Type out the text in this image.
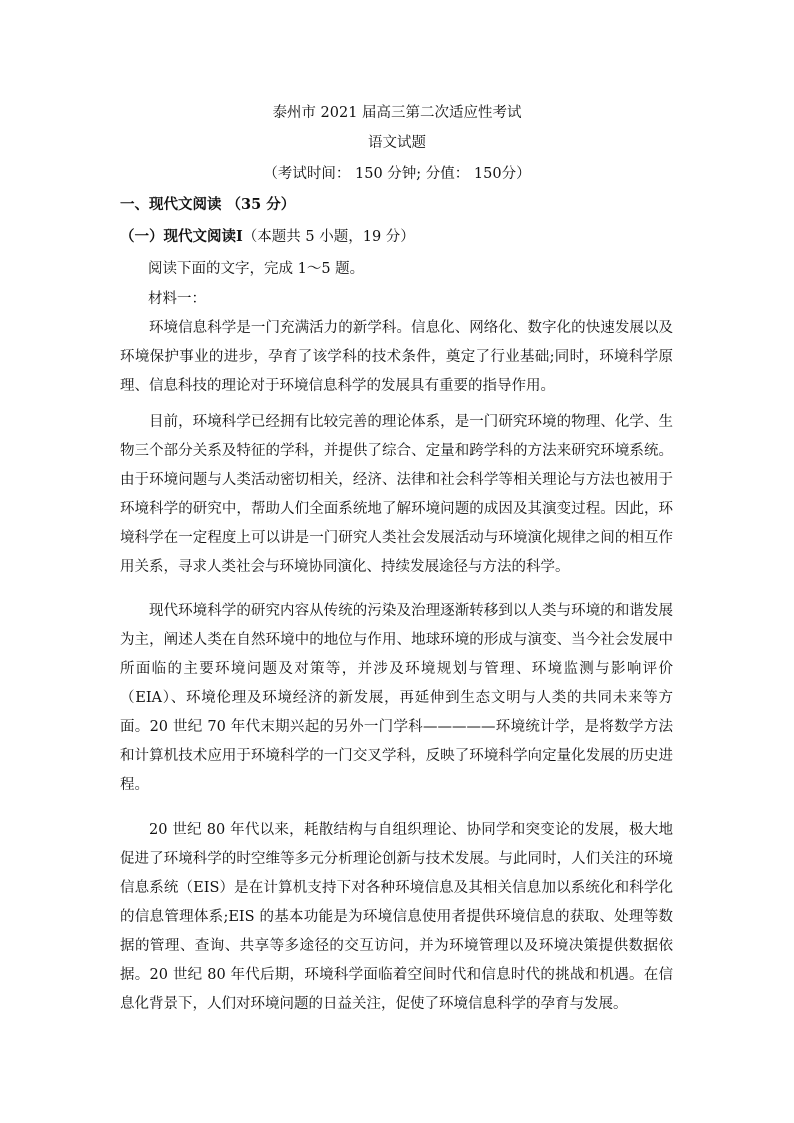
泰州市 2021 届高三第二次适应性考试
语文试题
（考试时间： 150 分钟; 分值： 150分）
一、现代文阅读 （35 分）
（一）现代文阅读Ⅰ（本题共 5 小题，19 分）
阅读下面的文字，完成 1～5 题。
材料一：
环境信息科学是一门充满活力的新学科。信息化、网络化、数字化的快速发展以及环境保护事业的进步，孕育了该学科的技术条件，奠定了行业基础;同时，环境科学原理、信息科技的理论对于环境信息科学的发展具有重要的指导作用。
目前，环境科学已经拥有比较完善的理论体系，是一门研究环境的物理、化学、生物三个部分关系及特征的学科，并提供了综合、定量和跨学科的方法来研究环境系统。由于环境问题与人类活动密切相关，经济、法律和社会科学等相关理论与方法也被用于环境科学的研究中，帮助人们全面系统地了解环境问题的成因及其演变过程。因此，环境科学在一定程度上可以讲是一门研究人类社会发展活动与环境演化规律之间的相互作用关系，寻求人类社会与环境协同演化、持续发展途径与方法的科学。
现代环境科学的研究内容从传统的污染及治理逐渐转移到以人类与环境的和谐发展为主，阐述人类在自然环境中的地位与作用、地球环境的形成与演变、当今社会发展中所面临的主要环境问题及对策等，并涉及环境规划与管理、环境监测与影响评价（EIA）、环境伦理及环境经济的新发展，再延伸到生态文明与人类的共同未来等方面。20 世纪 70 年代末期兴起的另外一门学科—————环境统计学，是将数学方法和计算机技术应用于环境科学的一门交叉学科，反映了环境科学向定量化发展的历史进程。
20 世纪 80 年代以来，耗散结构与自组织理论、协同学和突变论的发展，极大地促进了环境科学的时空维等多元分析理论创新与技术发展。与此同时，人们关注的环境信息系统（EIS）是在计算机支持下对各种环境信息及其相关信息加以系统化和科学化的信息管理体系;EIS 的基本功能是为环境信息使用者提供环境信息的获取、处理等数据的管理、查询、共享等多途径的交互访问，并为环境管理以及环境决策提供数据依据。20 世纪 80 年代后期，环境科学面临着空间时代和信息时代的挑战和机遇。在信息化背景下，人们对环境问题的日益关注，促使了环境信息科学的孕育与发展。
